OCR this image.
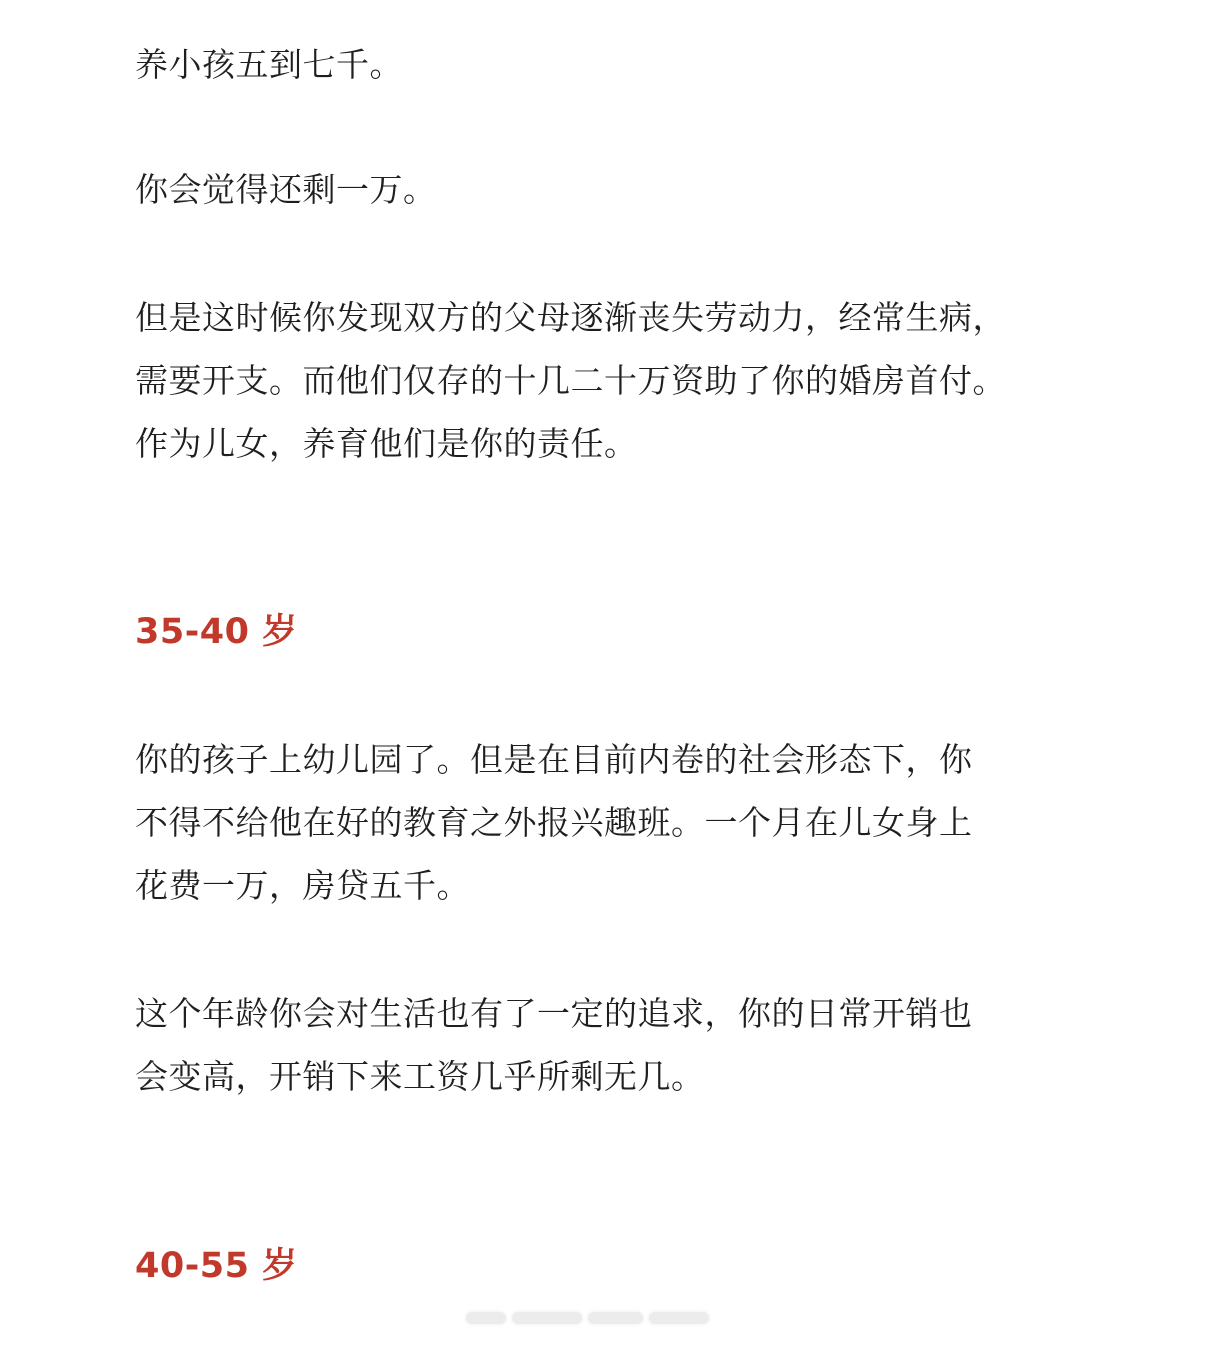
养小孩五到七千。

你会觉得还剩一万。

但是这时候你发现双方的父母逐渐丧失劳动力，经常生病，
需要开支。而他们仅存的十几二十万资助了你的婚房首付。
作为儿女，养育他们是你的责任。

35-40 岁

你的孩子上幼儿园了。但是在目前内卷的社会形态下，你
不得不给他在好的教育之外报兴趣班。一个月在儿女身上
花费一万，房贷五千。

这个年龄你会对生活也有了一定的追求，你的日常开销也
会变高，开销下来工资几乎所剩无几。

40-55 岁
